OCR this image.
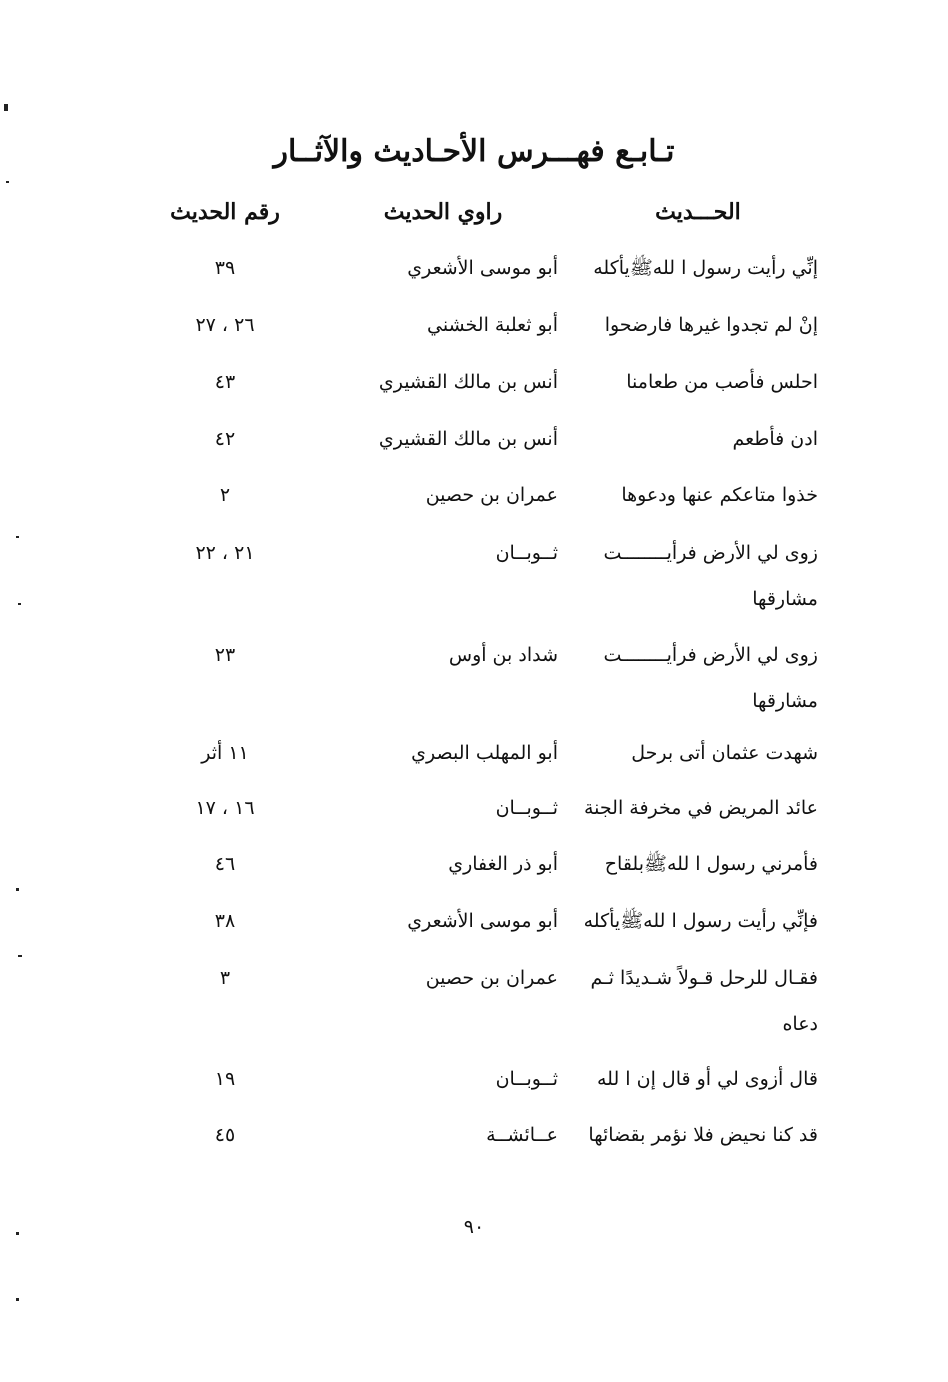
تـابـع فهـــرس الأحـاديث والآثــار
الحـــديث
راوي الحديث
رقم الحديث
إنِّي رأيت رسول ا للهﷺيأكله
أبو موسى الأشعري
٣٩
إنْ لم تجدوا غيرها فارضحوا
أبو ثعلبة الخشني
٢٦ ، ٢٧
احلس فأصب من طعامنا
أنس بن مالك القشيري
٤٣
ادن فأطعم
أنس بن مالك القشيري
٤٢
خذوا متاعكم عنها ودعوها
عمران بن حصين
٢
زوى لي الأرض فرأيــــــــت مشارقها
ثــوبــان
٢١ ، ٢٢
زوى لي الأرض فرأيــــــــت مشارقها
شداد بن أوس
٢٣
شهدت عثمان أتى برحل
أبو المهلب البصري
١١ أثر
عائد المريض في مخرفة الجنة
ثــوبــان
١٦ ، ١٧
فأمرني رسول ا للهﷺبلقاح
أبو ذر الغفاري
٤٦
فإنِّي رأيت رسول ا للهﷺيأكله
أبو موسى الأشعري
٣٨
فقـال للرحل قـولاً شـديدًا ثـم دعاه
عمران بن حصين
٣
قال أزوى لي أو قال إن ا لله
ثــوبــان
١٩
قد كنا نحيض فلا نؤمر بقضائها
عــائشــة
٤٥
٩٠
